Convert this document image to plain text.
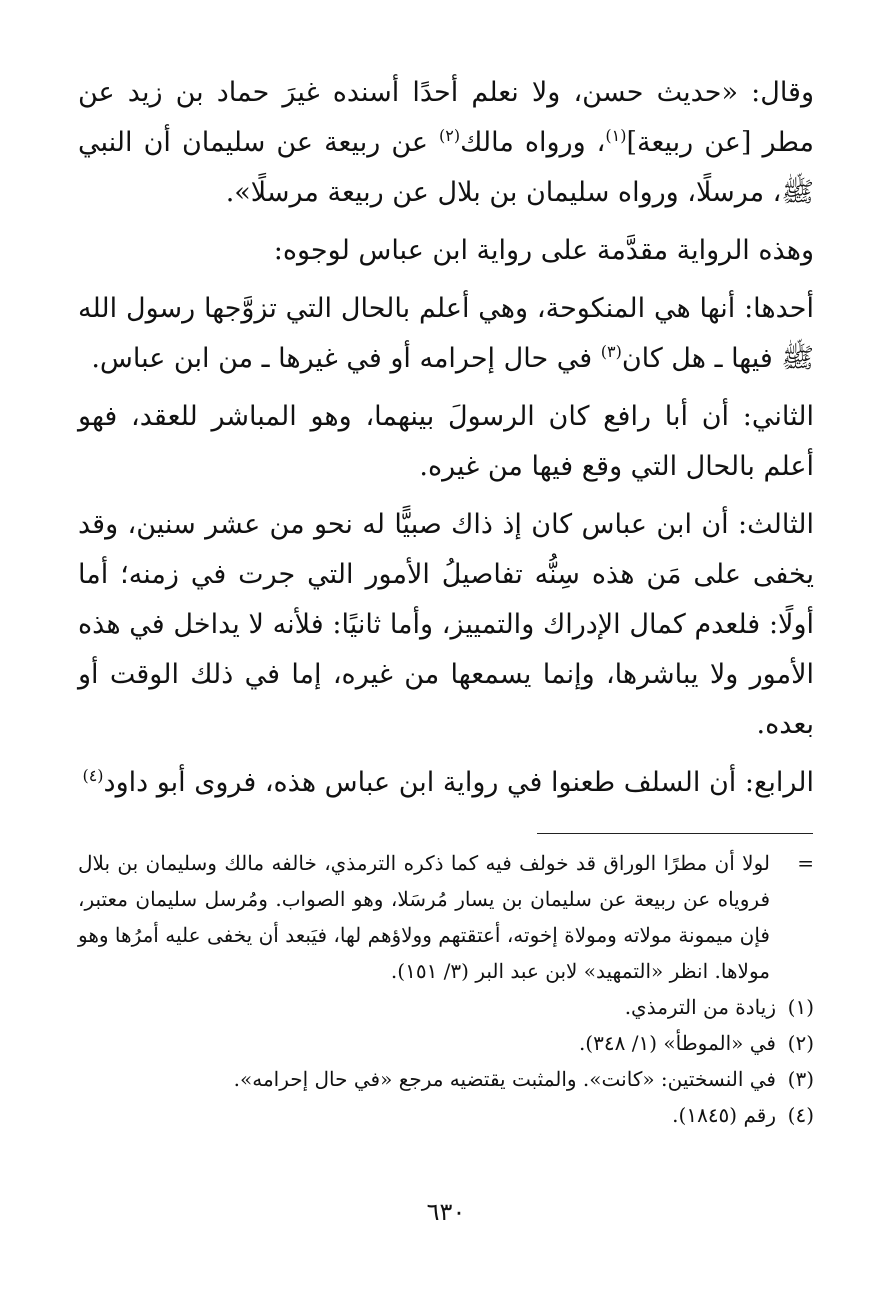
وقال: «حديث حسن، ولا نعلم أحدًا أسنده غيرَ حماد بن زيد عن مطر [عن ربيعة]$^{(١)}$، ورواه مالك$^{(٢)}$ عن ربيعة عن سليمان أن النبي ﷺ، مرسلًا، ورواه سليمان بن بلال عن ربيعة مرسلًا».

وهذه الرواية مقدَّمة على رواية ابن عباس لوجوه:

أحدها: أنها هي المنكوحة، وهي أعلم بالحال التي تزوَّجها رسول الله ﷺ فيها ـ هل كان$^{(٣)}$ في حال إحرامه أو في غيرها ـ من ابن عباس.

الثاني: أن أبا رافع كان الرسولَ بينهما، وهو المباشر للعقد، فهو أعلم بالحال التي وقع فيها من غيره.

الثالث: أن ابن عباس كان إذ ذاك صبيًّا له نحو من عشر سنين، وقد يخفى على مَن هذه سِنُّه تفاصيلُ الأمور التي جرت في زمنه؛ أما أولًا: فلعدم كمال الإدراك والتمييز، وأما ثانيًا: فلأنه لا يداخل في هذه الأمور ولا يباشرها، وإنما يسمعها من غيره، إما في ذلك الوقت أو بعده.

الرابع: أن السلف طعنوا في رواية ابن عباس هذه، فروى أبو داود$^{(٤)}$

=
لولا أن مطرًا الوراق قد خولف فيه كما ذكره الترمذي، خالفه مالك وسليمان بن بلال فروياه عن ربيعة عن سليمان بن يسار مُرسَلا، وهو الصواب. ومُرسل سليمان معتبر، فإن ميمونة مولاته ومولاة إخوته، أعتقتهم وولاؤهم لها، فيَبعد أن يخفى عليه أمرُها وهو مولاها. انظر «التمهيد» لابن عبد البر (٣/ ١٥١).
(١)زيادة من الترمذي.
(٢)في «الموطأ» (١/ ٣٤٨).
(٣)في النسختين: «كانت». والمثبت يقتضيه مرجع «في حال إحرامه».
(٤)رقم (١٨٤٥).
٦٣٠
